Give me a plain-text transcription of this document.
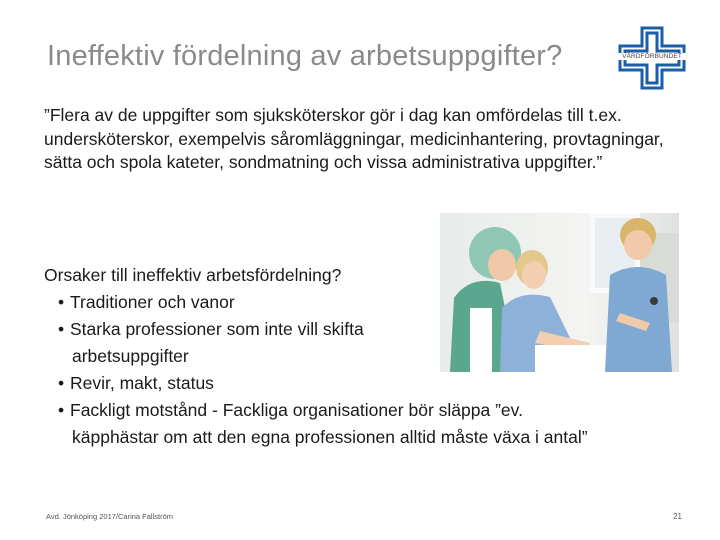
Ineffektiv fördelning av arbetsuppgifter?	VÅRDFÖRBUNDET
”Flera av de uppgifter som sjuksköterskor gör i dag kan omfördelas till t.ex. undersköterskor, exempelvis såromläggningar, medicinhantering, provtagningar, sätta och spola kateter, sondmatning och vissa administrativa uppgifter.”
Orsaker till ineffektiv arbetsfördelning?
• Traditioner och vanor
• Starka professioner som inte vill skifta
arbetsuppgifter
• Revir, makt, status
• Fackligt motstånd - Fackliga organisationer bör släppa ”ev.
käpphästar om att den egna professionen alltid måste växa i antal”
Avd. Jönköping 2017/Carina Fallström	21
